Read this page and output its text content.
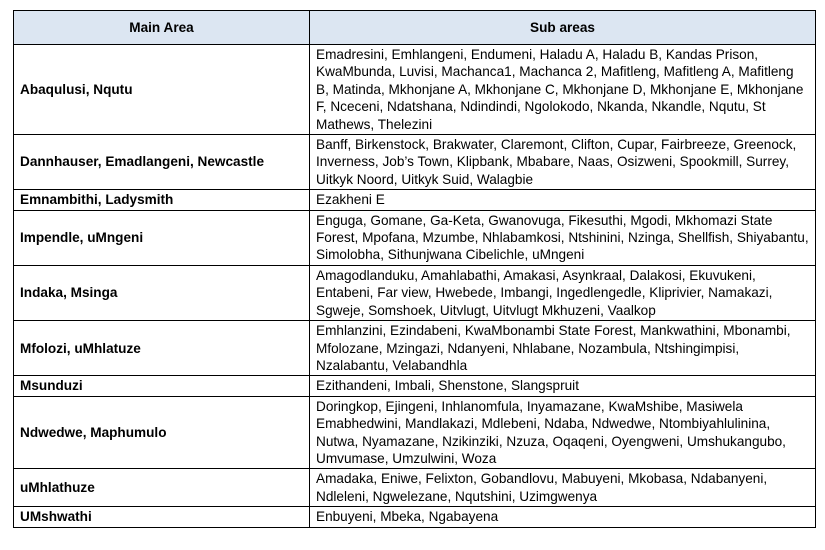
Main Area	Sub areas
Abaqulusi, Nqutu	Emadresini, Emhlangeni, Endumeni, Haladu A, Haladu B, Kandas Prison, KwaMbunda, Luvisi, Machanca1, Machanca 2, Mafitleng, Mafitleng A, Mafitleng B, Matinda, Mkhonjane A, Mkhonjane C, Mkhonjane D, Mkhonjane E, Mkhonjane F, Nceceni, Ndatshana, Ndindindi, Ngolokodo, Nkanda, Nkandle, Nqutu, St Mathews, Thelezini
Dannhauser, Emadlangeni, Newcastle	Banff, Birkenstock, Brakwater, Claremont, Clifton, Cupar, Fairbreeze, Greenock, Inverness, Job’s Town, Klipbank, Mbabare, Naas, Osizweni, Spookmill, Surrey, Uitkyk Noord, Uitkyk Suid, Walagbie
Emnambithi, Ladysmith	Ezakheni E
Impendle, uMngeni	Enguga, Gomane, Ga-Keta, Gwanovuga, Fikesuthi, Mgodi, Mkhomazi State Forest, Mpofana, Mzumbe, Nhlabamkosi, Ntshinini, Nzinga, Shellfish, Shiyabantu, Simolobha, Sithunjwana Cibelichle, uMngeni
Indaka, Msinga	Amagodlanduku, Amahlabathi, Amakasi, Asynkraal, Dalakosi, Ekuvukeni, Entabeni, Far view, Hwebede, Imbangi, Ingedlengedle, Kliprivier, Namakazi, Sgweje, Somshoek, Uitvlugt, Uitvlugt Mkhuzeni, Vaalkop
Mfolozi, uMhlatuze	Emhlanzini, Ezindabeni, KwaMbonambi State Forest, Mankwathini, Mbonambi, Mfolozane, Mzingazi, Ndanyeni, Nhlabane, Nozambula, Ntshingimpisi, Nzalabantu, Velabandhla
Msunduzi	Ezithandeni, Imbali, Shenstone, Slangspruit
Ndwedwe, Maphumulo	Doringkop, Ejingeni, Inhlanomfula, Inyamazane, KwaMshibe, Masiwela Emabhedwini, Mandlakazi, Mdlebeni, Ndaba, Ndwedwe, Ntombiyahlulinina, Nutwa, Nyamazane, Nzikinziki, Nzuza, Oqaqeni, Oyengweni, Umshukangubo, Umvumase, Umzulwini, Woza
uMhlathuze	Amadaka, Eniwe, Felixton, Gobandlovu, Mabuyeni, Mkobasa, Ndabanyeni, Ndleleni, Ngwelezane, Nqutshini, Uzimgwenya
UMshwathi	Enbuyeni, Mbeka, Ngabayena
